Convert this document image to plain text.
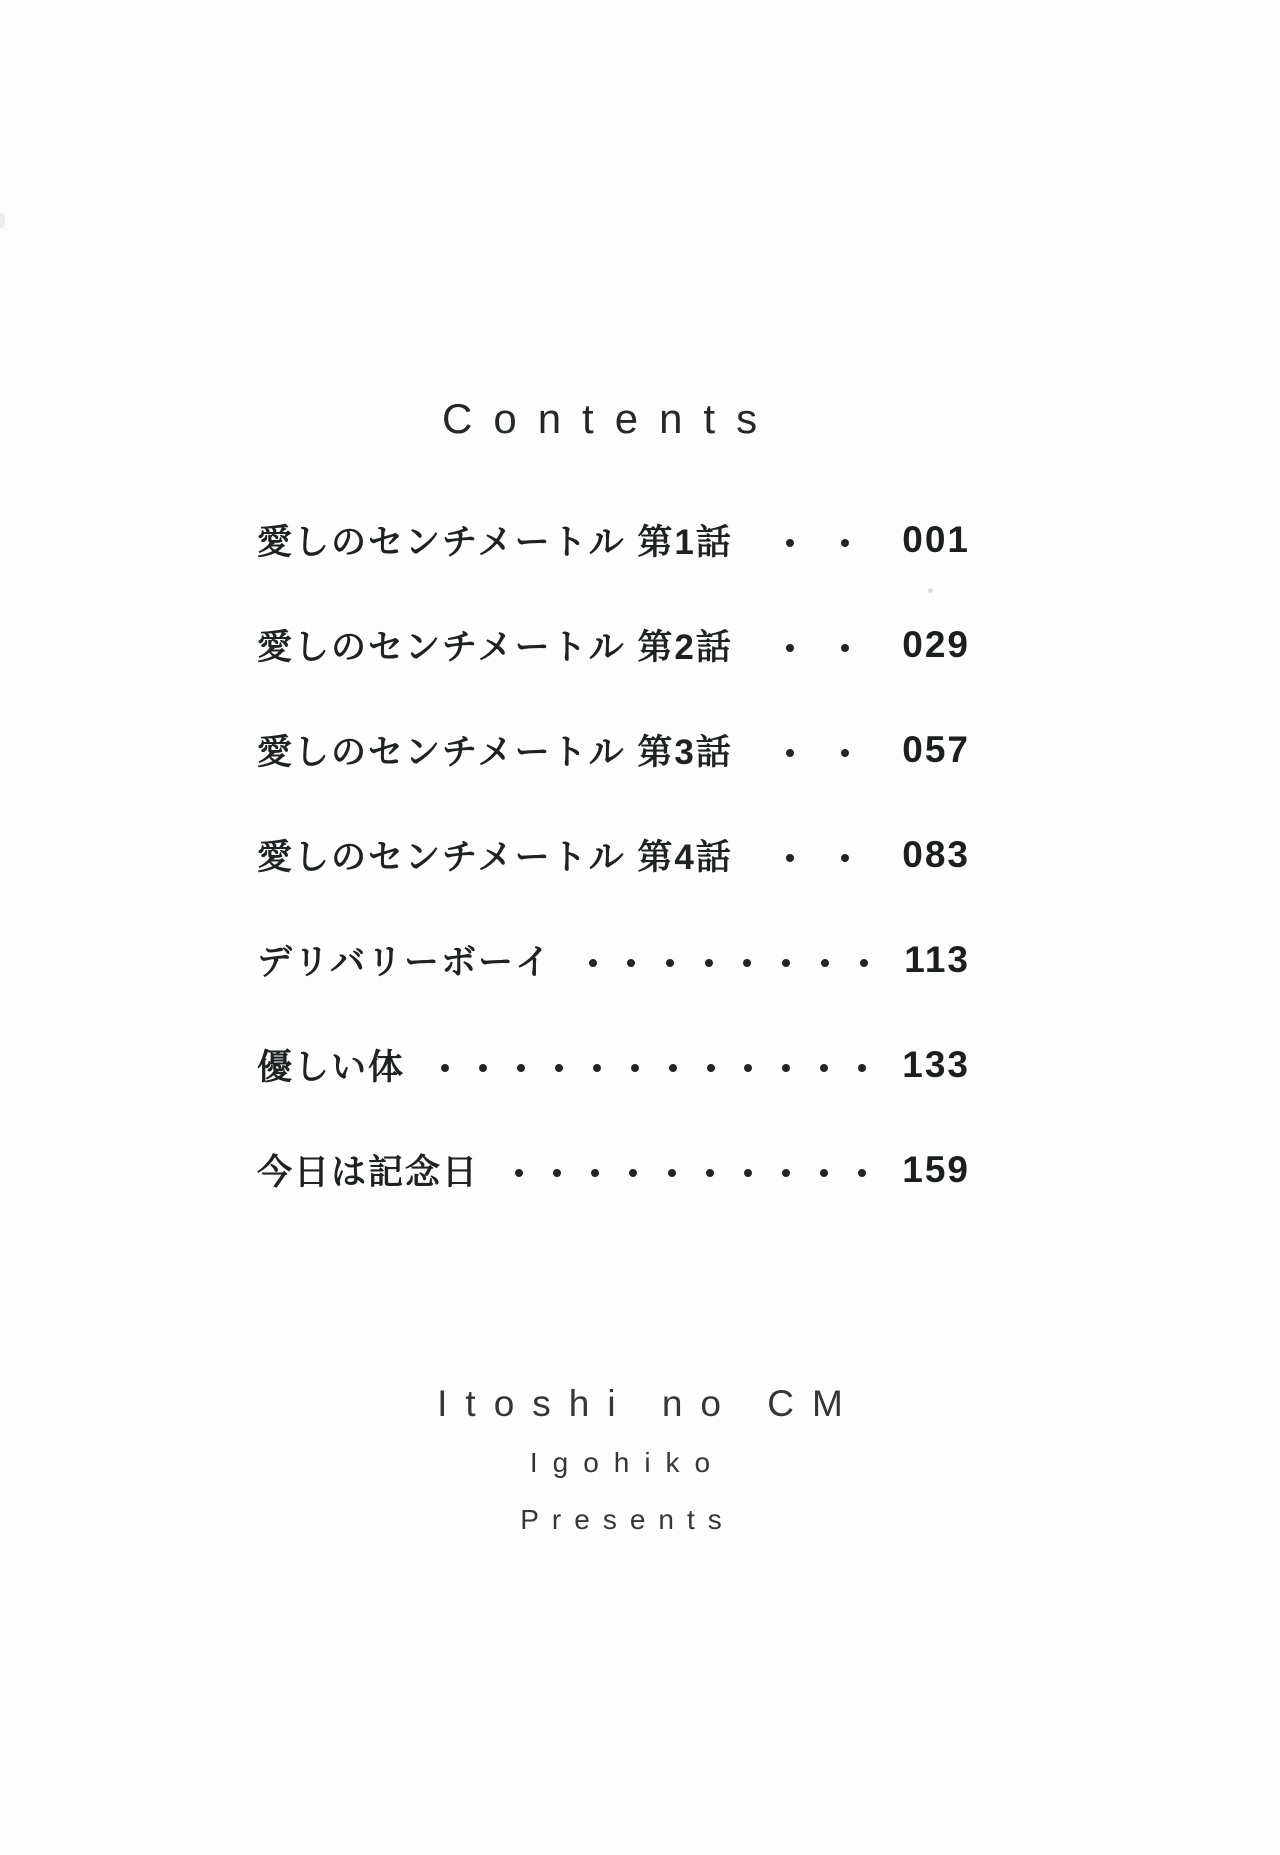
Contents
愛しのセンチメートル 第1話	001
愛しのセンチメートル 第2話	029
愛しのセンチメートル 第3話	057
愛しのセンチメートル 第4話	083
デリバリーボーイ	113
優しい体	133
今日は記念日	159
Itoshi no CM
Igohiko
Presents
